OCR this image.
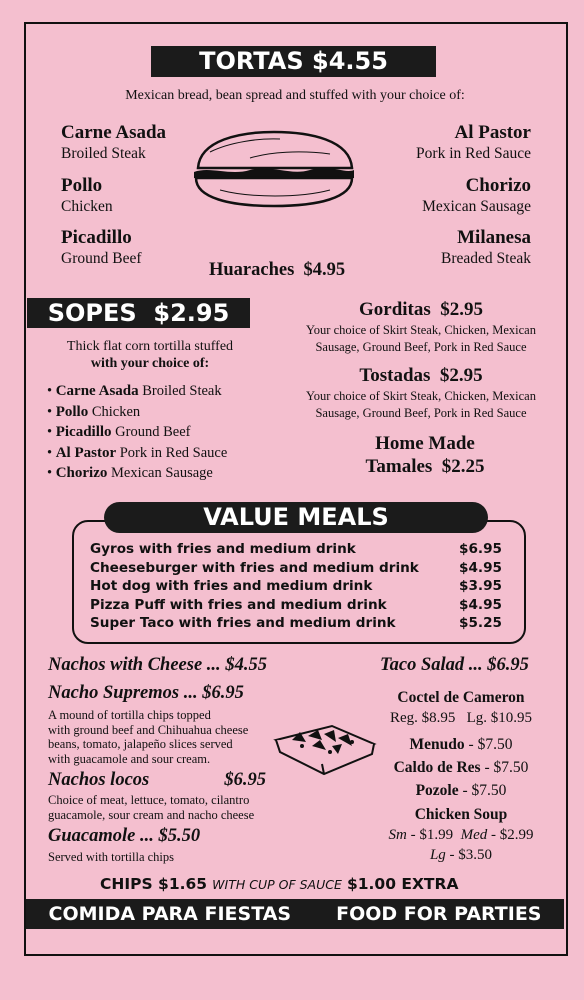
TORTAS $4.55
Mexican bread, bean spread and stuffed with your choice of:
Carne Asada
Broiled Steak
Pollo
Chicken
Picadillo
Ground Beef
Al Pastor
Pork in Red Sauce
Chorizo
Mexican Sausage
Milanesa
Breaded Steak
Huaraches  $4.95
SOPES  $2.95
Thick flat corn tortilla stuffed
with your choice of:
• Carne Asada Broiled Steak
• Pollo Chicken
• Picadillo Ground Beef
• Al Pastor Pork in Red Sauce
• Chorizo Mexican Sausage
Gorditas  $2.95
Your choice of Skirt Steak, Chicken, Mexican
Sausage, Ground Beef, Pork in Red Sauce
Tostadas  $2.95
Your choice of Skirt Steak, Chicken, Mexican
Sausage, Ground Beef, Pork in Red Sauce
Home Made
Tamales  $2.25
VALUE MEALS
Gyros with fries and medium drink	$6.95
Cheeseburger with fries and medium drink	$4.95
Hot dog with fries and medium drink	$3.95
Pizza Puff with fries and medium drink	$4.95
Super Taco with fries and medium drink	$5.25
Nachos with Cheese ... $4.55
Nacho Supremos ... $6.95
A mound of tortilla chips topped
with ground beef and Chihuahua cheese
beans, tomato, jalapeño slices served
with guacamole and sour cream.
Nachos locos	$6.95
Choice of meat, lettuce, tomato, cilantro
guacamole, sour cream and nacho cheese
Guacamole ... $5.50
Served with tortilla chips
Taco Salad ... $6.95
Coctel de Cameron
Reg. $8.95 Lg. $10.95
Menudo - $7.50
Caldo de Res - $7.50
Pozole - $7.50
Chicken Soup
Sm - $1.99 Med - $2.99
Lg - $3.50
CHIPS $1.65 WITH CUP OF SAUCE $1.00 EXTRA
COMIDA PARA FIESTAS FOOD FOR PARTIES
